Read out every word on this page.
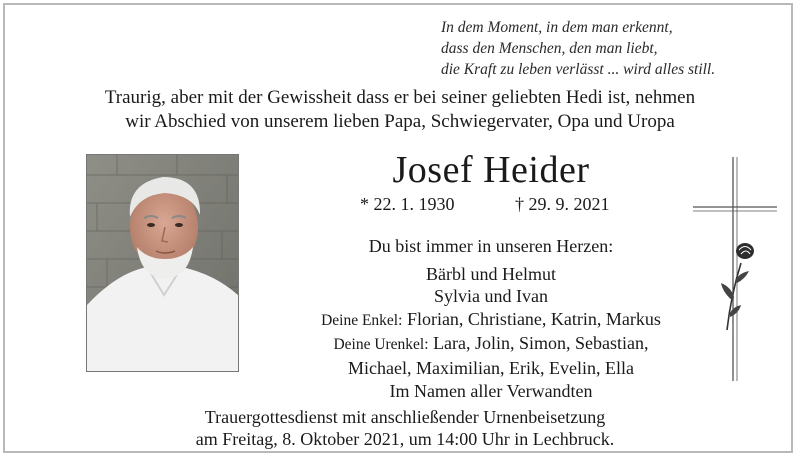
In dem Moment, in dem man erkennt,
dass den Menschen, den man liebt,
die Kraft zu leben verlässt ... wird alles still.
Traurig, aber mit der Gewissheit dass er bei seiner geliebten Hedi ist, nehmen
wir Abschied von unserem lieben Papa, Schwiegervater, Opa und Uropa
Josef Heider
* 22. 1. 1930	† 29. 9. 2021
Du bist immer in unseren Herzen:
Bärbl und Helmut
Sylvia und Ivan
Deine Enkel: Florian, Christiane, Katrin, Markus
Deine Urenkel: Lara, Jolin, Simon, Sebastian,
Michael, Maximilian, Erik, Evelin, Ella
Im Namen aller Verwandten
Trauergottesdienst mit anschließender Urnenbeisetzung
am Freitag, 8. Oktober 2021, um 14:00 Uhr in Lechbruck.
